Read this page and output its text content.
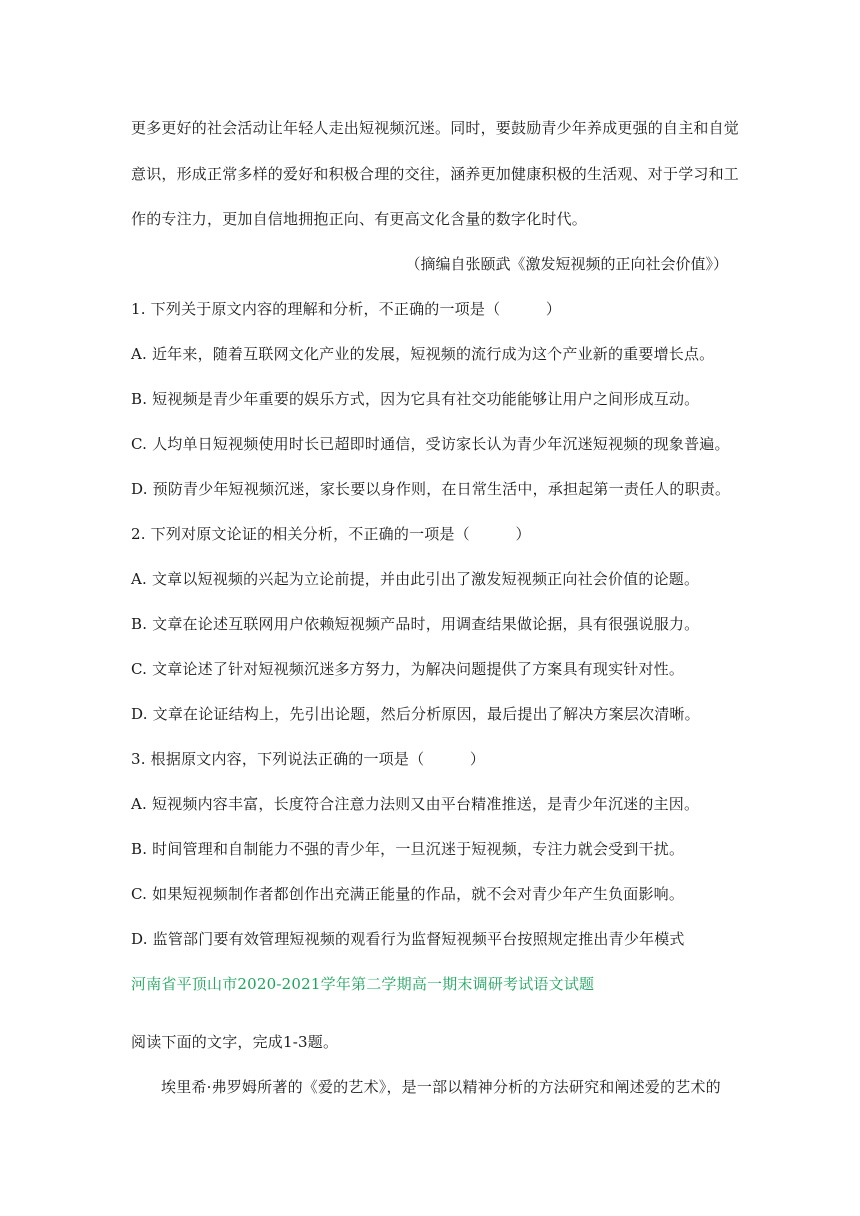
更多更好的社会活动让年轻人走出短视频沉迷。同时，要鼓励青少年养成更强的自主和自觉
意识，形成正常多样的爱好和积极合理的交往，涵养更加健康积极的生活观、对于学习和工
作的专注力，更加自信地拥抱正向、有更高文化含量的数字化时代。
（摘编自张颐武《激发短视频的正向社会价值》）
1. 下列关于原文内容的理解和分析，不正确的一项是（　　　）
A. 近年来，随着互联网文化产业的发展，短视频的流行成为这个产业新的重要增长点。
B. 短视频是青少年重要的娱乐方式，因为它具有社交功能能够让用户之间形成互动。
C. 人均单日短视频使用时长已超即时通信，受访家长认为青少年沉迷短视频的现象普遍。
D. 预防青少年短视频沉迷，家长要以身作则，在日常生活中，承担起第一责任人的职责。
2. 下列对原文论证的相关分析，不正确的一项是（　　　）
A. 文章以短视频的兴起为立论前提，并由此引出了激发短视频正向社会价值的论题。
B. 文章在论述互联网用户依赖短视频产品时，用调查结果做论据，具有很强说服力。
C. 文章论述了针对短视频沉迷多方努力，为解决问题提供了方案具有现实针对性。
D. 文章在论证结构上，先引出论题，然后分析原因，最后提出了解决方案层次清晰。
3. 根据原文内容，下列说法正确的一项是（　　　）
A. 短视频内容丰富，长度符合注意力法则又由平台精准推送，是青少年沉迷的主因。
B. 时间管理和自制能力不强的青少年，一旦沉迷于短视频，专注力就会受到干扰。
C. 如果短视频制作者都创作出充满正能量的作品，就不会对青少年产生负面影响。
D. 监管部门要有效管理短视频的观看行为监督短视频平台按照规定推出青少年模式
河南省平顶山市2020-2021学年第二学期高一期末调研考试语文试题
阅读下面的文字，完成1-3题。
埃里希·弗罗姆所著的《爱的艺术》，是一部以精神分析的方法研究和阐述爱的艺术的
